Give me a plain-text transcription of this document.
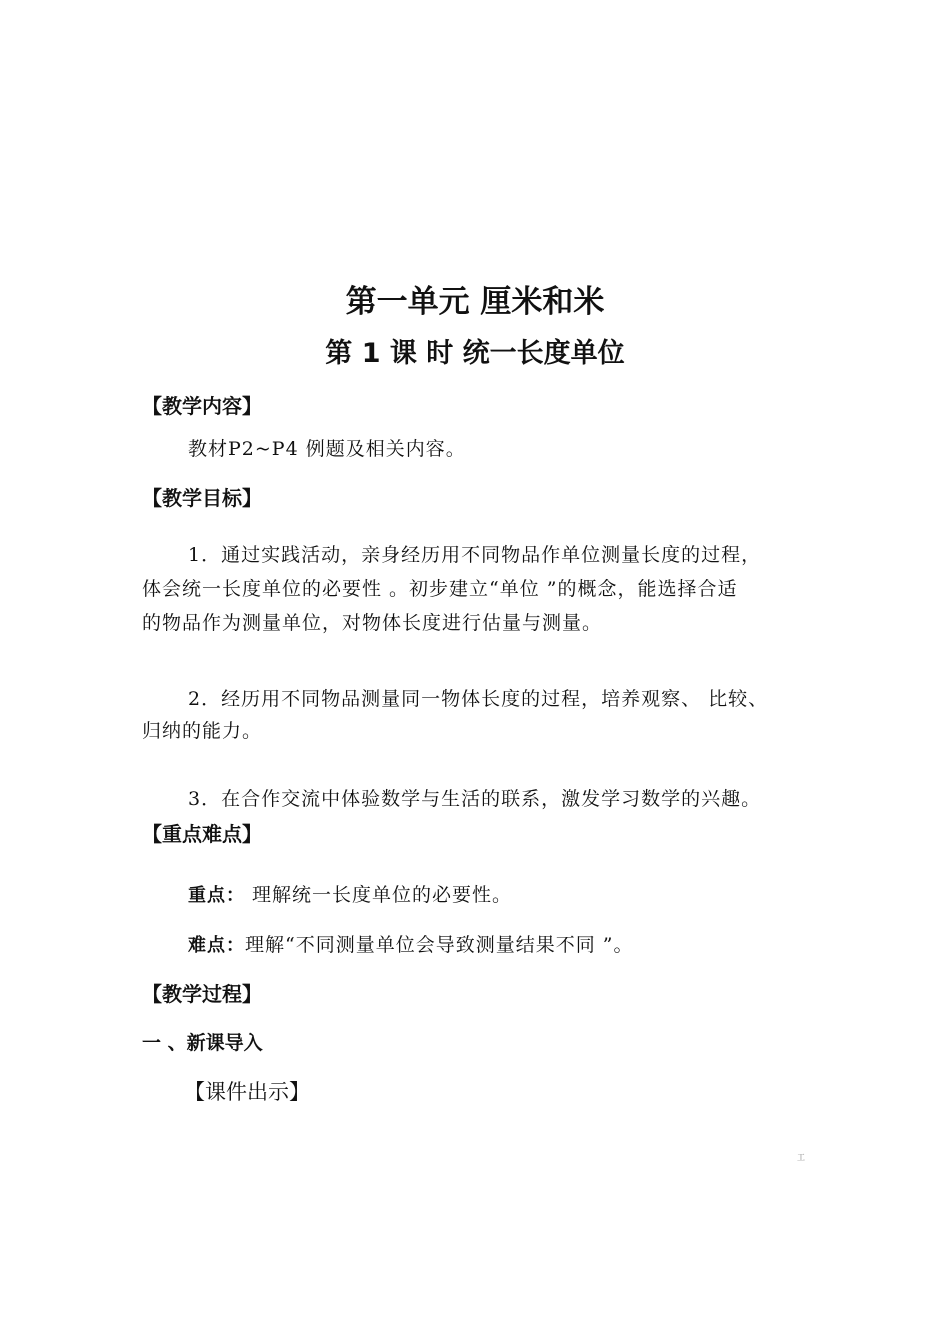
第一单元 厘米和米
第 1 课 时 统一长度单位
【教学内容】
教材P2~P4 例题及相关内容。
【教学目标】
1．通过实践活动，亲身经历用不同物品作单位测量长度的过程，
体会统一长度单位的必要性 。初步建立“单位 ”的概念，能选择合适
的物品作为测量单位，对物体长度进行估量与测量。
2．经历用不同物品测量同一物体长度的过程，培养观察、 比较、
归纳的能力。
3．在合作交流中体验数学与生活的联系，激发学习数学的兴趣。
【重点难点】
重点： 理解统一长度单位的必要性。
难点：理解“不同测量单位会导致测量结果不同 ”。
【教学过程】
一 、新课导入
【课件出示】
工
